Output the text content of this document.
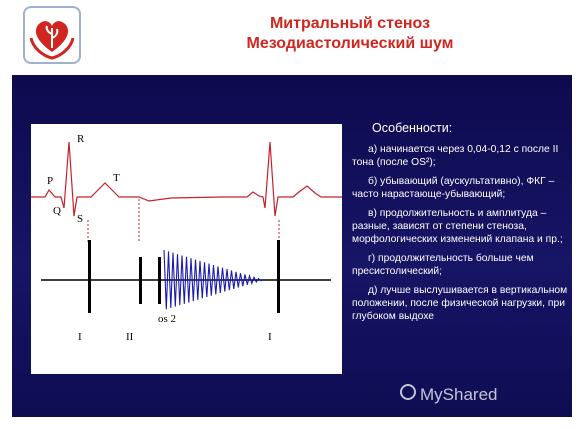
Митральный стеноз
Мезодиастолический шум
P
Q
R
S
T
I	II
os 2
I
Особенности:
а) начинается через 0,04-0,12 с после II тона (после OS²);
б) убывающий (аускультативно), ФКГ – часто нарастающе-убывающий;
в) продолжительность и амплитуда – разные, зависят от степени стеноза, морфологических изменений клапана и пр.;
г) продолжительность больше чем пресистолический;
д) лучше выслушивается в вертикальном положении, после физической нагрузки, при глубоком выдохе
MyShared
